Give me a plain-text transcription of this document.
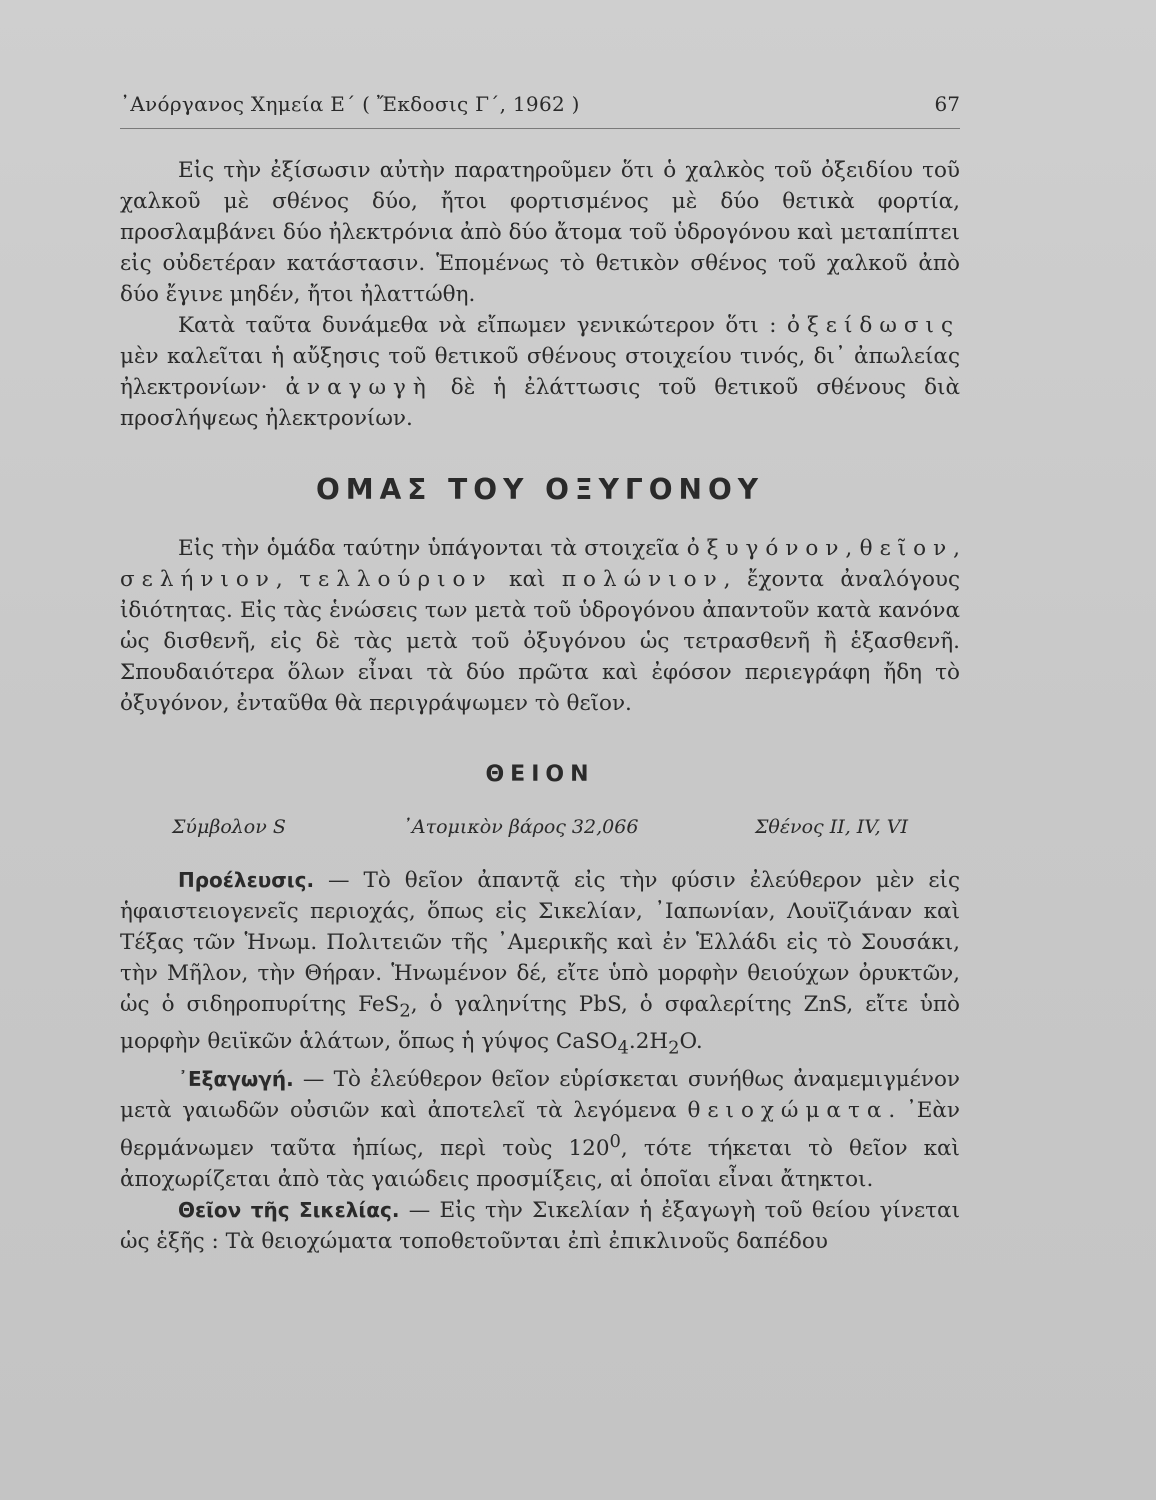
᾿Ανόργανος Χημεία Ε΄ ( Ἔκδοσις Γ΄, 1962 )	67

Εἰς τὴν ἐξίσωσιν αὐτὴν παρατηροῦμεν ὅτι ὁ χαλκὸς τοῦ ὀξειδίου τοῦ χαλκοῦ μὲ σθένος δύο, ἤτοι φορτισμένος μὲ δύο θετικὰ φορτία, προσλαμβάνει δύο ἠλεκτρόνια ἀπὸ δύο ἄτομα τοῦ ὑδρογόνου καὶ μεταπίπτει εἰς οὐδετέραν κατάστασιν. Ἑπομένως τὸ θετικὸν σθένος τοῦ χαλκοῦ ἀπὸ δύο ἔγινε μηδέν, ἤτοι ἠλαττώθη.

Κατὰ ταῦτα δυνάμεθα νὰ εἴπωμεν γενικώτερον ὅτι : ὀξείδωσις μὲν καλεῖται ἡ αὔξησις τοῦ θετικοῦ σθένους στοιχείου τινός, δι᾿ ἀπωλείας ἠλεκτρονίων· ἀναγωγὴ δὲ ἡ ἐλάττωσις τοῦ θετικοῦ σθένους διὰ προσλήψεως ἠλεκτρονίων.

ΟΜΑΣ ΤΟΥ ΟΞΥΓΟΝΟΥ

Εἰς τὴν ὁμάδα ταύτην ὑπάγονται τὰ στοιχεῖα ὀξυγόνον, θεῖον, σελήνιον, τελλούριον καὶ πολώνιον, ἔχοντα ἀναλόγους ἰδιότητας. Εἰς τὰς ἑνώσεις των μετὰ τοῦ ὑδρογόνου ἀπαντοῦν κατὰ κανόνα ὡς δισθενῆ, εἰς δὲ τὰς μετὰ τοῦ ὀξυγόνου ὡς τετρασθενῆ ἢ ἑξασθενῆ. Σπουδαιότερα ὅλων εἶναι τὰ δύο πρῶτα καὶ ἐφόσον περιεγράφη ἤδη τὸ ὀξυγόνον, ἐνταῦθα θὰ περιγράψωμεν τὸ θεῖον.

ΘΕΙΟΝ
Σύμβολον S	᾿Ατομικὸν βάρος 32,066	Σθένος II, IV, VI

Προέλευσις. — Τὸ θεῖον ἀπαντᾷ εἰς τὴν φύσιν ἐλεύθερον μὲν εἰς ἡφαιστειογενεῖς περιοχάς, ὅπως εἰς Σικελίαν, ᾿Ιαπωνίαν, Λουϊζιάναν καὶ Τέξας τῶν Ἡνωμ. Πολιτειῶν τῆς ᾿Αμερικῆς καὶ ἐν Ἑλλάδι εἰς τὸ Σουσάκι, τὴν Μῆλον, τὴν Θήραν. Ἡνωμένον δέ, εἴτε ὑπὸ μορφὴν θειούχων ὀρυκτῶν, ὡς ὁ σιδηροπυρίτης FeS$_2$, ὁ γαληνίτης PbS, ὁ σφαλερίτης ZnS, εἴτε ὑπὸ μορφὴν θειϊκῶν ἁλάτων, ὅπως ἡ γύψος $CaSO_4.2H_2O$.

᾿Εξαγωγή. — Τὸ ἐλεύθερον θεῖον εὑρίσκεται συνήθως ἀναμεμιγμένον μετὰ γαιωδῶν οὐσιῶν καὶ ἀποτελεῖ τὰ λεγόμενα θειοχώματα. ᾿Εὰν θερμάνωμεν ταῦτα ἠπίως, περὶ τοὺς $120^0$, τότε τήκεται τὸ θεῖον καὶ ἀποχωρίζεται ἀπὸ τὰς γαιώδεις προσμίξεις, αἱ ὁποῖαι εἶναι ἄτηκτοι.

Θεῖον τῆς Σικελίας. — Εἰς τὴν Σικελίαν ἡ ἐξαγωγὴ τοῦ θείου γίνεται ὡς ἑξῆς : Τὰ θειοχώματα τοποθετοῦνται ἐπὶ ἐπικλινοῦς δαπέδου
